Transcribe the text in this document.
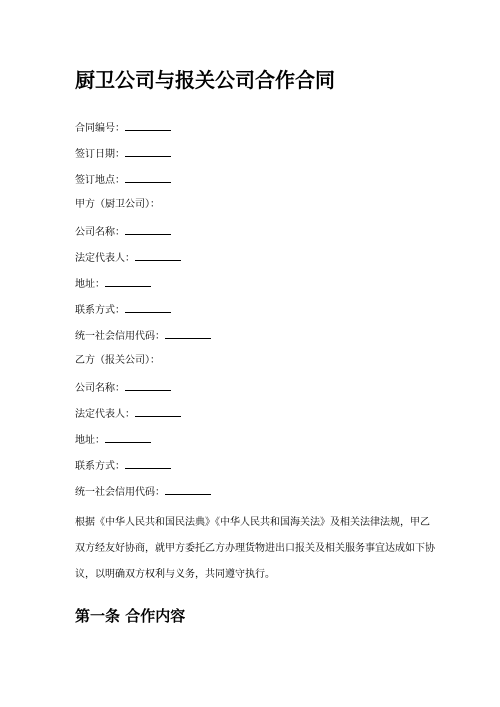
厨卫公司与报关公司合作合同
合同编号：
签订日期：
签订地点：
甲方（厨卫公司）：
公司名称：
法定代表人：
地址：
联系方式：
统一社会信用代码：
乙方（报关公司）：
公司名称：
法定代表人：
地址：
联系方式：
统一社会信用代码：

根据《中华人民共和国民法典》《中华人民共和国海关法》及相关法律法规，甲乙双方经友好协商，就甲方委托乙方办理货物进出口报关及相关服务事宜达成如下协议，以明确双方权利与义务，共同遵守执行。

第一条 合作内容
